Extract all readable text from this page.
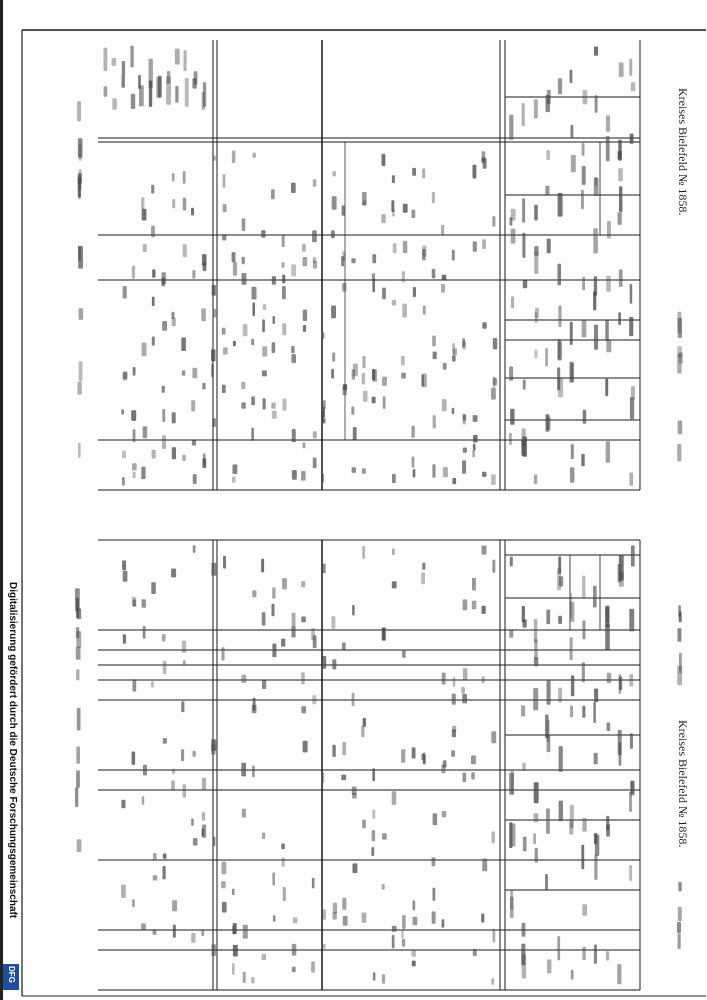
Digitalisierung gefördert durch die Deutsche Forschungsgemeinschaft
DFG
Kreises Bielefeld № 1858.
Kreises Bielefeld № 1858.
